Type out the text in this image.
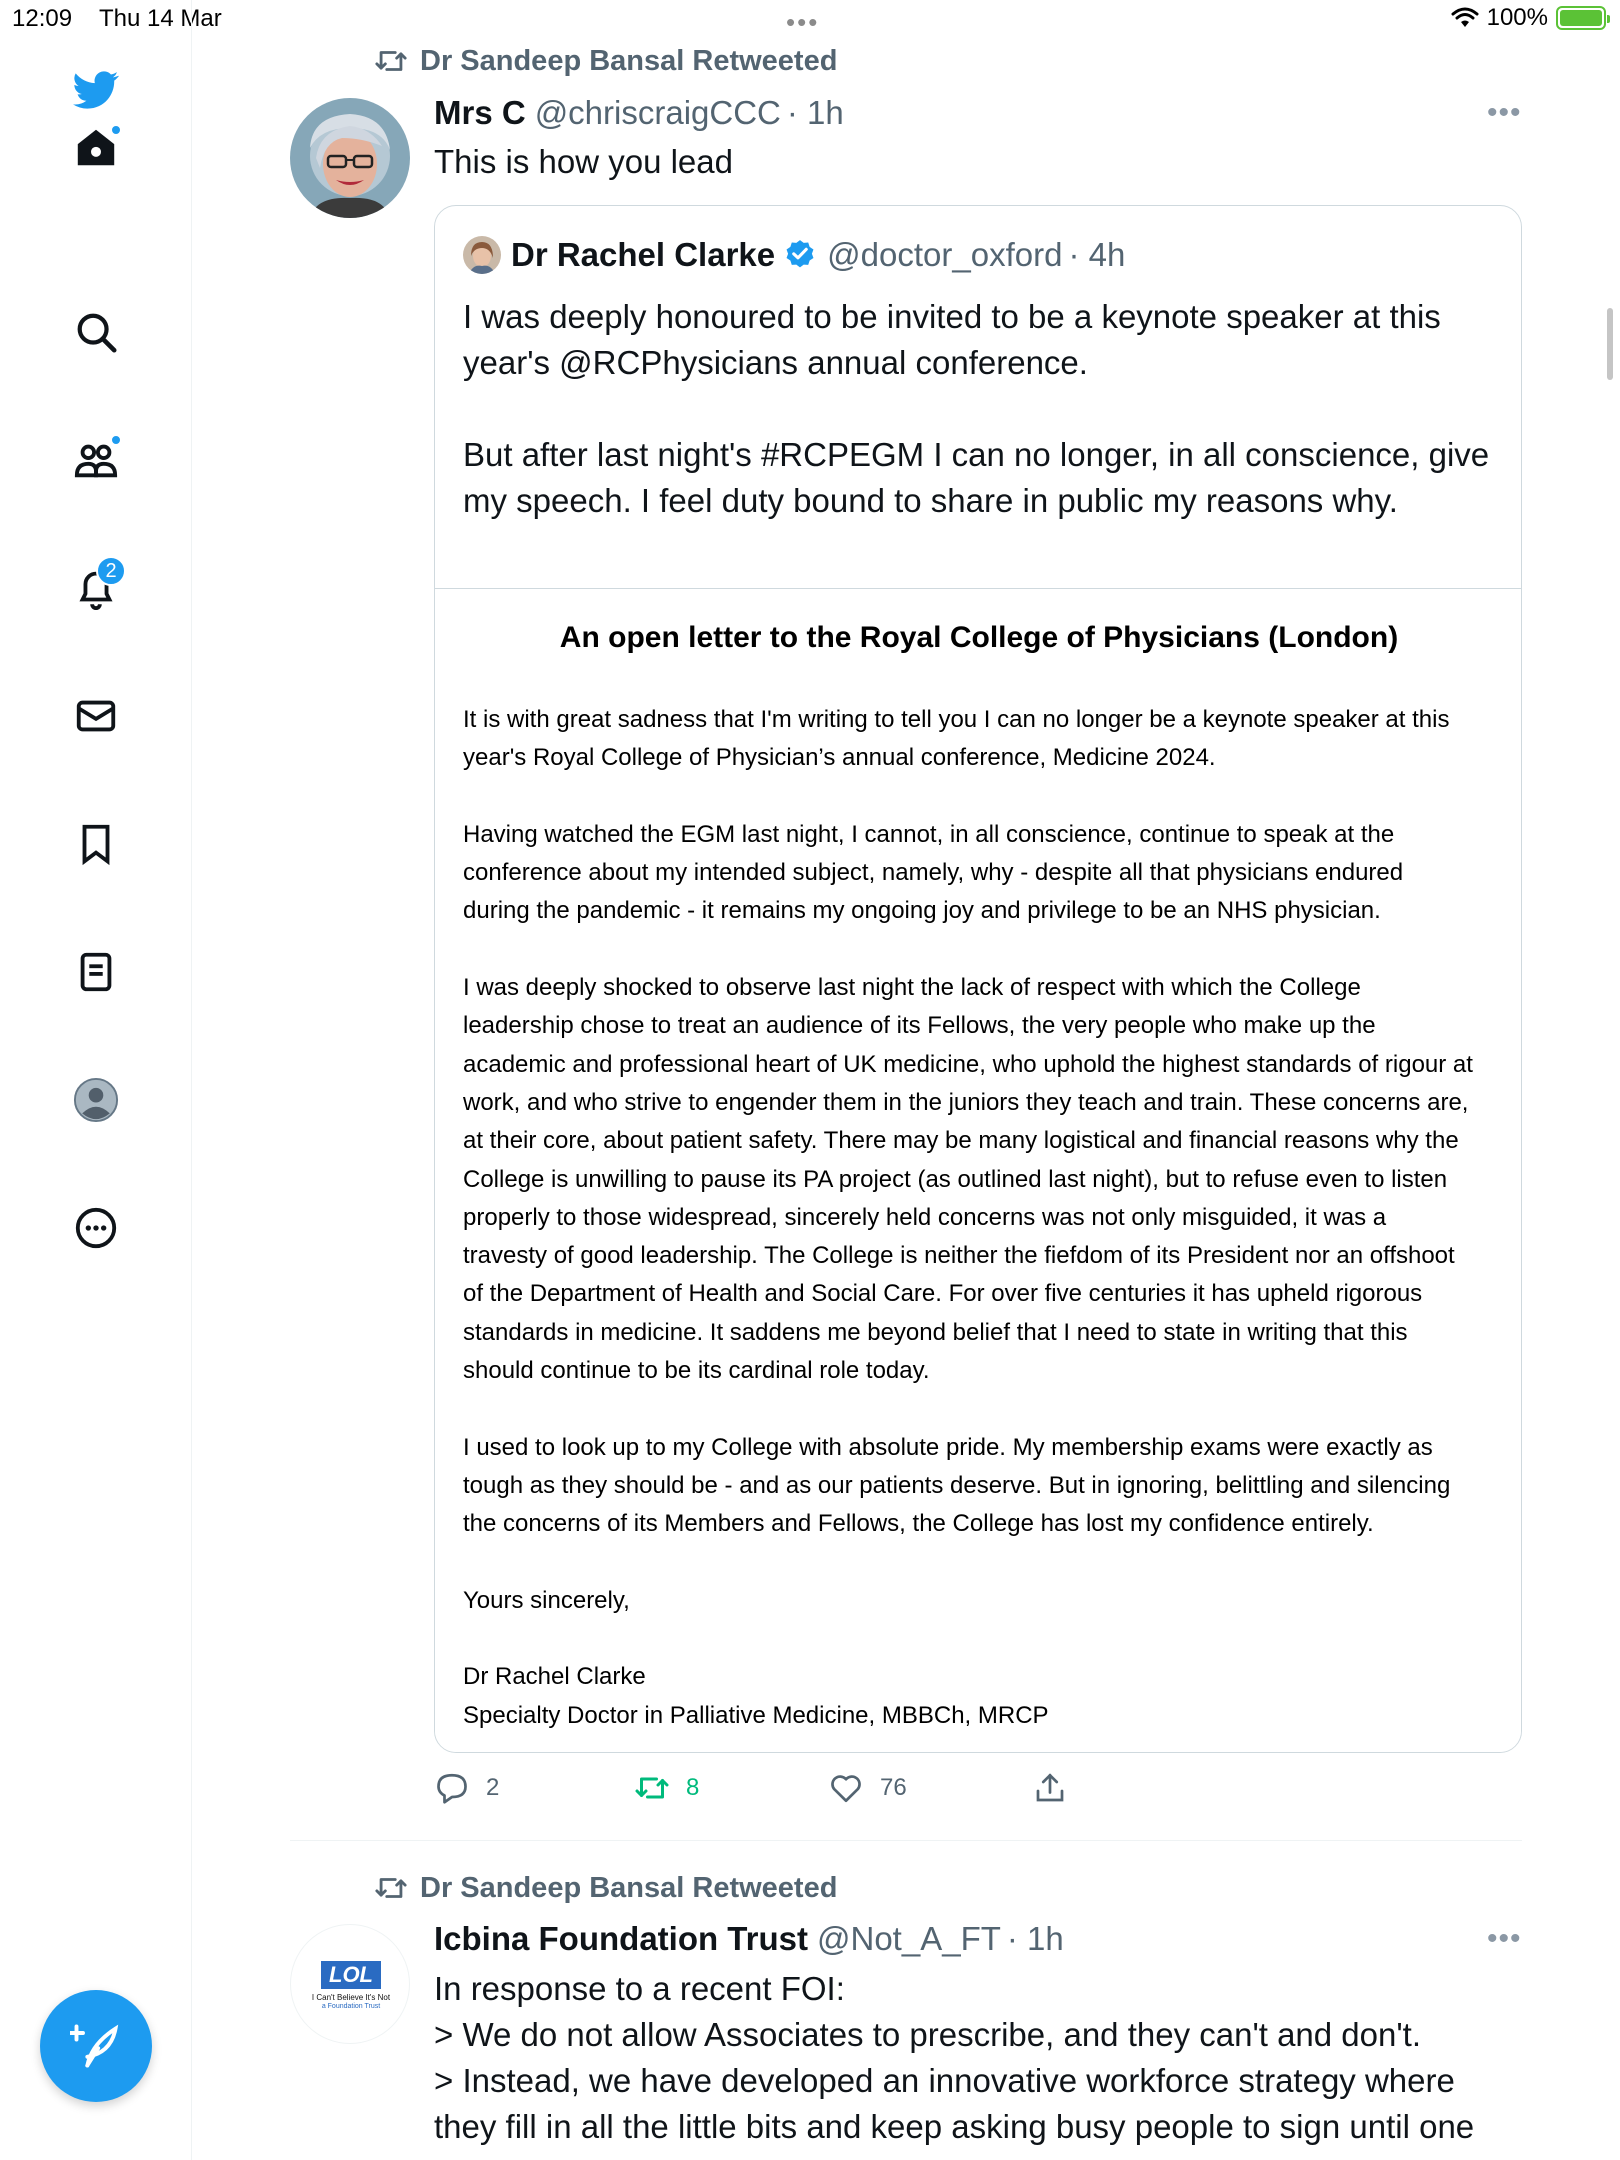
12:09 Thu 14 Mar	•••	100%
2
Dr Sandeep Bansal Retweeted
Mrs C @chriscraigCCC · 1h	•••
This is how you lead
Dr Rachel Clarke @doctor_oxford · 4h

I was deeply honoured to be invited to be a keynote speaker at this year's @RCPhysicians annual conference.

But after last night's #RCPEGM I can no longer, in all conscience, give my speech. I feel duty bound to share in public my reasons why.

An open letter to the Royal College of Physicians (London)

It is with great sadness that I'm writing to tell you I can no longer be a keynote speaker at this year's Royal College of Physician’s annual conference, Medicine 2024.

Having watched the EGM last night, I cannot, in all conscience, continue to speak at the conference about my intended subject, namely, why - despite all that physicians endured during the pandemic - it remains my ongoing joy and privilege to be an NHS physician.

I was deeply shocked to observe last night the lack of respect with which the College leadership chose to treat an audience of its Fellows, the very people who make up the academic and professional heart of UK medicine, who uphold the highest standards of rigour at work, and who strive to engender them in the juniors they teach and train. These concerns are, at their core, about patient safety. There may be many logistical and financial reasons why the College is unwilling to pause its PA project (as outlined last night), but to refuse even to listen properly to those widespread, sincerely held concerns was not only misguided, it was a travesty of good leadership. The College is neither the fiefdom of its President nor an offshoot of the Department of Health and Social Care. For over five centuries it has upheld rigorous standards in medicine. It saddens me beyond belief that I need to state in writing that this should continue to be its cardinal role today.

I used to look up to my College with absolute pride. My membership exams were exactly as tough as they should be - and as our patients deserve. But in ignoring, belittling and silencing the concerns of its Members and Fellows, the College has lost my confidence entirely.

Yours sincerely,

Dr Rachel Clarke

Specialty Doctor in Palliative Medicine, MBBCh, MRCP

2	8	76
Dr Sandeep Bansal Retweeted
LOL
I Can't Believe It's Not
a Foundation Trust
Icbina Foundation Trust @Not_A_FT · 1h	•••
In response to a recent FOI:
> We do not allow Associates to prescribe, and they can't and don't.
> Instead, we have developed an innovative workforce strategy where they fill in all the little bits and keep asking busy people to sign until one
